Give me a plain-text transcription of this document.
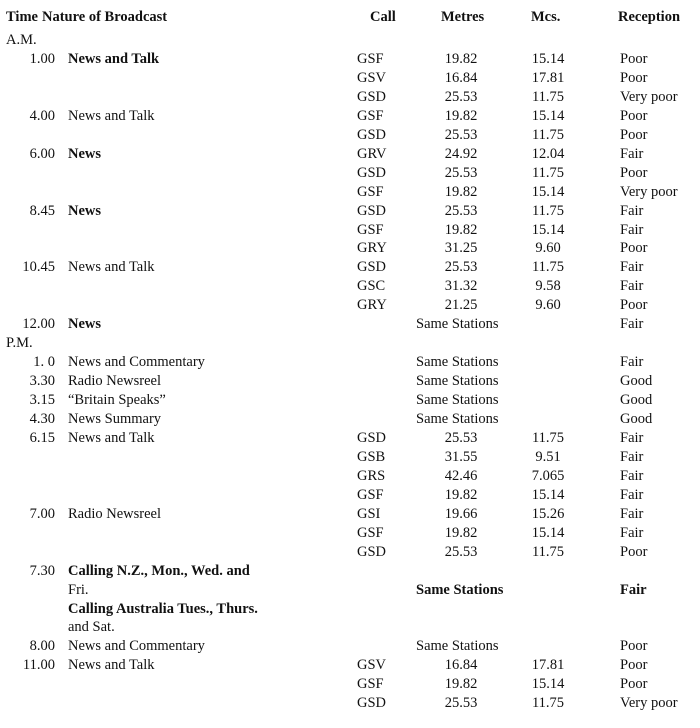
Time Nature of Broadcast	Call	Metres	Mcs.	Reception
A.M.
1.00 News and Talk	GSF	19.82	15.14	Poor
GSV	16.84	17.81	Poor
GSD	25.53	11.75	Very poor
4.00 News and Talk	GSF	19.82	15.14	Poor
GSD	25.53	11.75	Poor
6.00 News	GRV	24.92	12.04	Fair
GSD	25.53	11.75	Poor
GSF	19.82	15.14	Very poor
8.45 News	GSD	25.53	11.75	Fair
GSF	19.82	15.14	Fair
GRY	31.25	9.60	Poor
10.45 News and Talk	GSD	25.53	11.75	Fair
GSC	31.32	9.58	Fair
GRY	21.25	9.60	Poor
12.00 News	Same Stations	Fair
P.M.
1. 0 News and Commentary	Same Stations	Fair
3.30 Radio Newsreel	Same Stations	Good
3.15 “Britain Speaks”	Same Stations	Good
4.30 News Summary	Same Stations	Good
6.15 News and Talk	GSD	25.53	11.75	Fair
GSB	31.55	9.51	Fair
GRS	42.46	7.065	Fair
GSF	19.82	15.14	Fair
7.00 Radio Newsreel	GSI	19.66	15.26	Fair
GSF	19.82	15.14	Fair
GSD	25.53	11.75	Poor
7.30 Calling N.Z., Mon., Wed. and
Fri.	Same Stations	Fair
Calling Australia Tues., Thurs.
and Sat.
8.00 News and Commentary	Same Stations	Poor
11.00 News and Talk	GSV	16.84	17.81	Poor
GSF	19.82	15.14	Poor
GSD	25.53	11.75	Very poor
